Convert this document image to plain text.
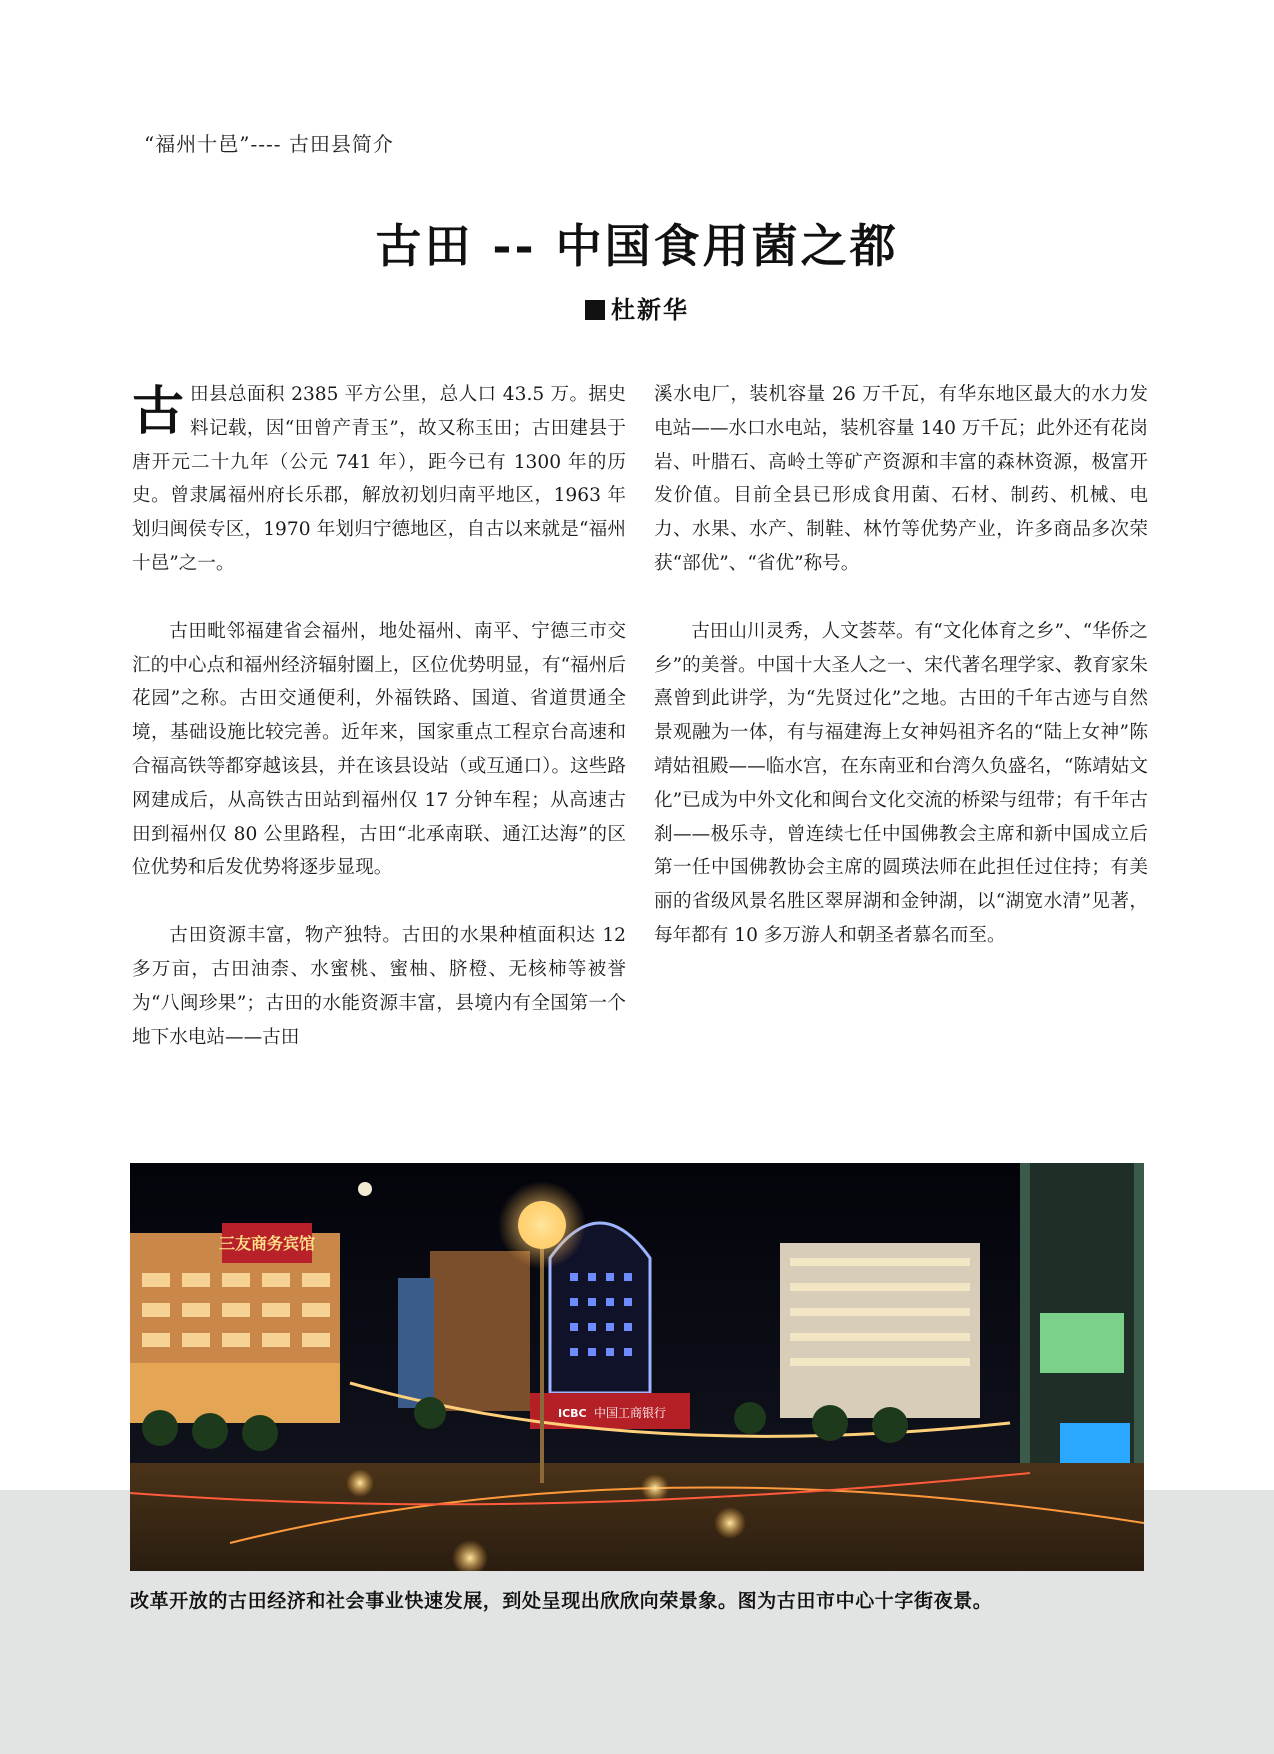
“福州十邑”---- 古田县简介
古田 -- 中国食用菌之都
杜新华

古田县总面积 2385 平方公里，总人口 43.5 万。据史料记载，因“田曾产青玉”，故又称玉田；古田建县于唐开元二十九年（公元 741 年），距今已有 1300 年的历史。曾隶属福州府长乐郡，解放初划归南平地区，1963 年划归闽侯专区，1970 年划归宁德地区，自古以来就是“福州十邑”之一。

古田毗邻福建省会福州，地处福州、南平、宁德三市交汇的中心点和福州经济辐射圈上，区位优势明显，有“福州后花园”之称。古田交通便利，外福铁路、国道、省道贯通全境，基础设施比较完善。近年来，国家重点工程京台高速和合福高铁等都穿越该县，并在该县设站（或互通口）。这些路网建成后，从高铁古田站到福州仅 17 分钟车程；从高速古田到福州仅 80 公里路程，古田“北承南联、通江达海”的区位优势和后发优势将逐步显现。

古田资源丰富，物产独特。古田的水果种植面积达 12 多万亩，古田油柰、水蜜桃、蜜柚、脐橙、无核柿等被誉为“八闽珍果”；古田的水能资源丰富，县境内有全国第一个地下水电站——古田

溪水电厂，装机容量 26 万千瓦，有华东地区最大的水力发电站——水口水电站，装机容量 140 万千瓦；此外还有花岗岩、叶腊石、高岭土等矿产资源和丰富的森林资源，极富开发价值。目前全县已形成食用菌、石材、制药、机械、电力、水果、水产、制鞋、林竹等优势产业，许多商品多次荣获“部优”、“省优”称号。

古田山川灵秀，人文荟萃。有“文化体育之乡”、“华侨之乡”的美誉。中国十大圣人之一、宋代著名理学家、教育家朱熹曾到此讲学，为“先贤过化”之地。古田的千年古迹与自然景观融为一体，有与福建海上女神妈祖齐名的“陆上女神”陈靖姑祖殿——临水宫，在东南亚和台湾久负盛名，“陈靖姑文化”已成为中外文化和闽台文化交流的桥梁与纽带；有千年古刹——极乐寺，曾连续七任中国佛教会主席和新中国成立后第一任中国佛教协会主席的圆瑛法师在此担任过住持；有美丽的省级风景名胜区翠屏湖和金钟湖，以“湖宽水清”见著，每年都有 10 多万游人和朝圣者慕名而至。

三友商务宾馆
ICBC 中国工商银行
改革开放的古田经济和社会事业快速发展，到处呈现出欣欣向荣景象。图为古田市中心十字街夜景。
